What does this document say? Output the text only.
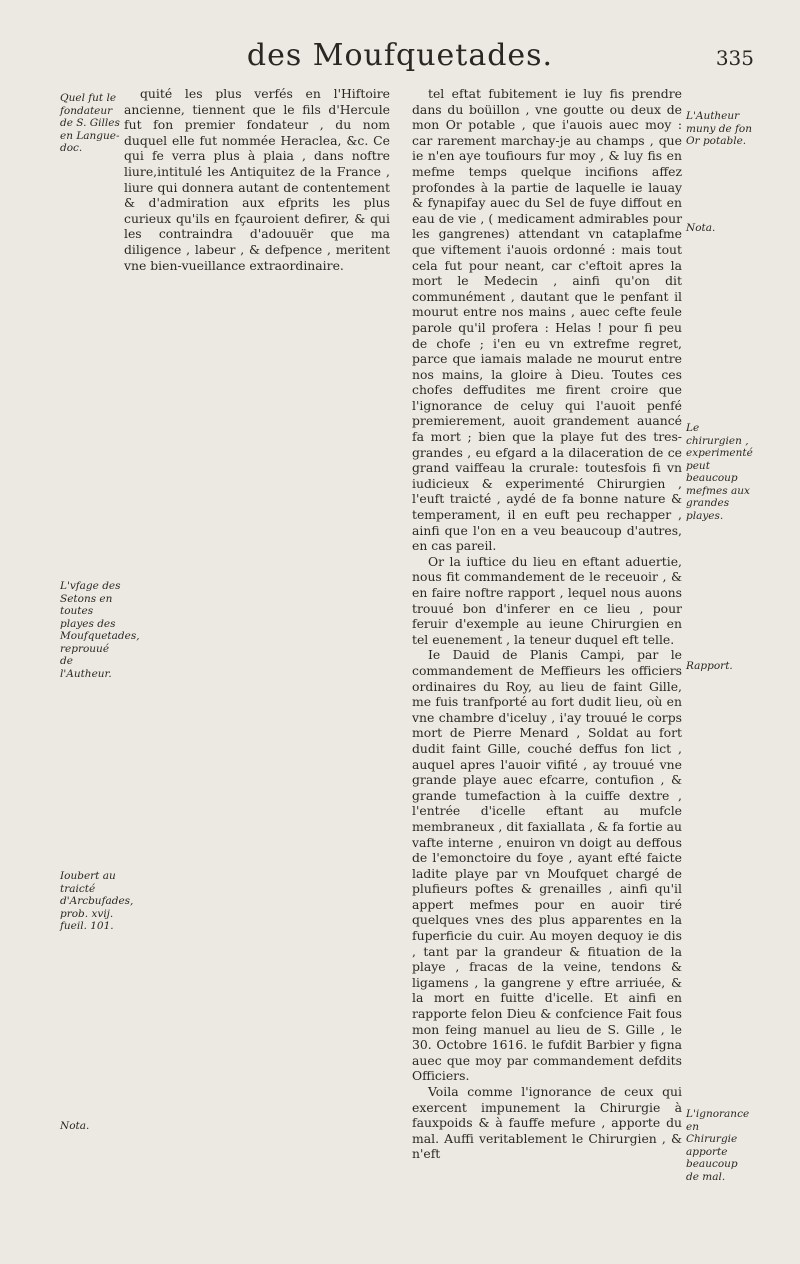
des Moufquetades.	335

quité les plus verfés en l'Hiftoire ancienne, tiennent que le fils d'Hercule fut fon premier fondateur , du nom duquel elle fut nommée Heraclea, &c. Ce qui fe verra plus à plaia , dans noftre liure,intitulé les Antiquitez de la France , liure qui donnera autant de contentement & d'admiration aux efprits les plus curieux qu'ils en fçauroient defirer, & qui les contraindra d'adouuër que ma diligence , labeur , & defpence , meritent vne bien-vueillance extraordinaire.

tel eftat fubitement ie luy fis prendre dans du boüillon , vne goutte ou deux de mon Or potable , que i'auois auec moy : car rarement marchay-je au champs , que ie n'en aye toufiours fur moy , & luy fis en mefme temps quelque incifions affez profondes à la partie de laquelle ie lauay & fynapifay auec du Sel de fuye diffout en eau de vie , ( medicament admirables pour les gangrenes) attendant vn cataplafme que viftement i'auois ordonné : mais tout cela fut pour neant, car c'eftoit apres la mort le Medecin , ainfi qu'on dit communément , dautant que le penfant il mourut entre nos mains , auec cefte feule parole qu'il profera : Helas ! pour fi peu de chofe ; i'en eu vn extrefme regret, parce que iamais malade ne mourut entre nos mains, la gloire à Dieu. Toutes ces chofes deffudites me firent croire que l'ignorance de celuy qui l'auoit penfé premierement, auoit grandement auancé fa mort ; bien que la playe fut des tres-grandes , eu efgard a la dilaceration de ce grand vaiffeau la crurale: toutesfois fi vn iudicieux & experimenté Chirurgien , l'euft traicté , aydé de fa bonne nature & temperament, il en euft peu rechapper , ainfi que l'on en a veu beaucoup d'autres, en cas pareil.

Or la iuftice du lieu en eftant aduertie, nous fit commandement de le receuoir , & en faire noftre rapport , lequel nous auons trouué bon d'inferer en ce lieu , pour feruir d'exemple au ieune Chirurgien en tel euenement , la teneur duquel eft telle.

Ie Dauid de Planis Campi, par le commandement de Meffieurs les officiers ordinaires du Roy, au lieu de faint Gille, me fuis tranfporté au fort dudit lieu, où en vne chambre d'iceluy , i'ay trouué le corps mort de Pierre Menard , Soldat au fort dudit faint Gille, couché deffus fon lict , auquel apres l'auoir vifité , ay trouué vne grande playe auec efcarre, contufion , & grande tumefaction à la cuiffe dextre , l'entrée d'icelle eftant au mufcle membraneux , dit faxiallata , & fa fortie au vafte interne , enuiron vn doigt au deffous de l'emonctoire du foye , ayant efté faicte ladite playe par vn Moufquet chargé de plufieurs poftes & grenailles , ainfi qu'il appert mefmes pour en auoir tiré quelques vnes des plus apparentes en la fuperficie du cuir. Au moyen dequoy ie dis , tant par la grandeur & fituation de la playe , fracas de la veine, tendons & ligamens , la gangrene y eftre arriuée, & la mort en fuitte d'icelle. Et ainfi en rapporte felon Dieu & confcience Fait fous mon feing manuel au lieu de S. Gille , le 30. Octobre 1616. le fufdit Barbier y figna auec que moy par commandement defdits Officiers.

Voila comme l'ignorance de ceux qui exercent impunement la Chirurgie à fauxpoids & à fauffe mefure , apporte du mal. Auffi veritablement le Chirurgien , & n'eft

Quel fut le fondateur de S. Gilles en Langue-doc.
L'vfage des Setons en toutes playes des Moufquetades, reprouué de l'Autheur.
Ioubert au traicté d'Arcbufades, prob. xvij. fueil. 101.
Nota.
L'Autheur muny de fon Or potable.
Nota.
Le chirurgien , experimenté peut beaucoup mefmes aux grandes playes.
Rapport.
L'ignorance en Chirurgie apporte beaucoup de mal.
